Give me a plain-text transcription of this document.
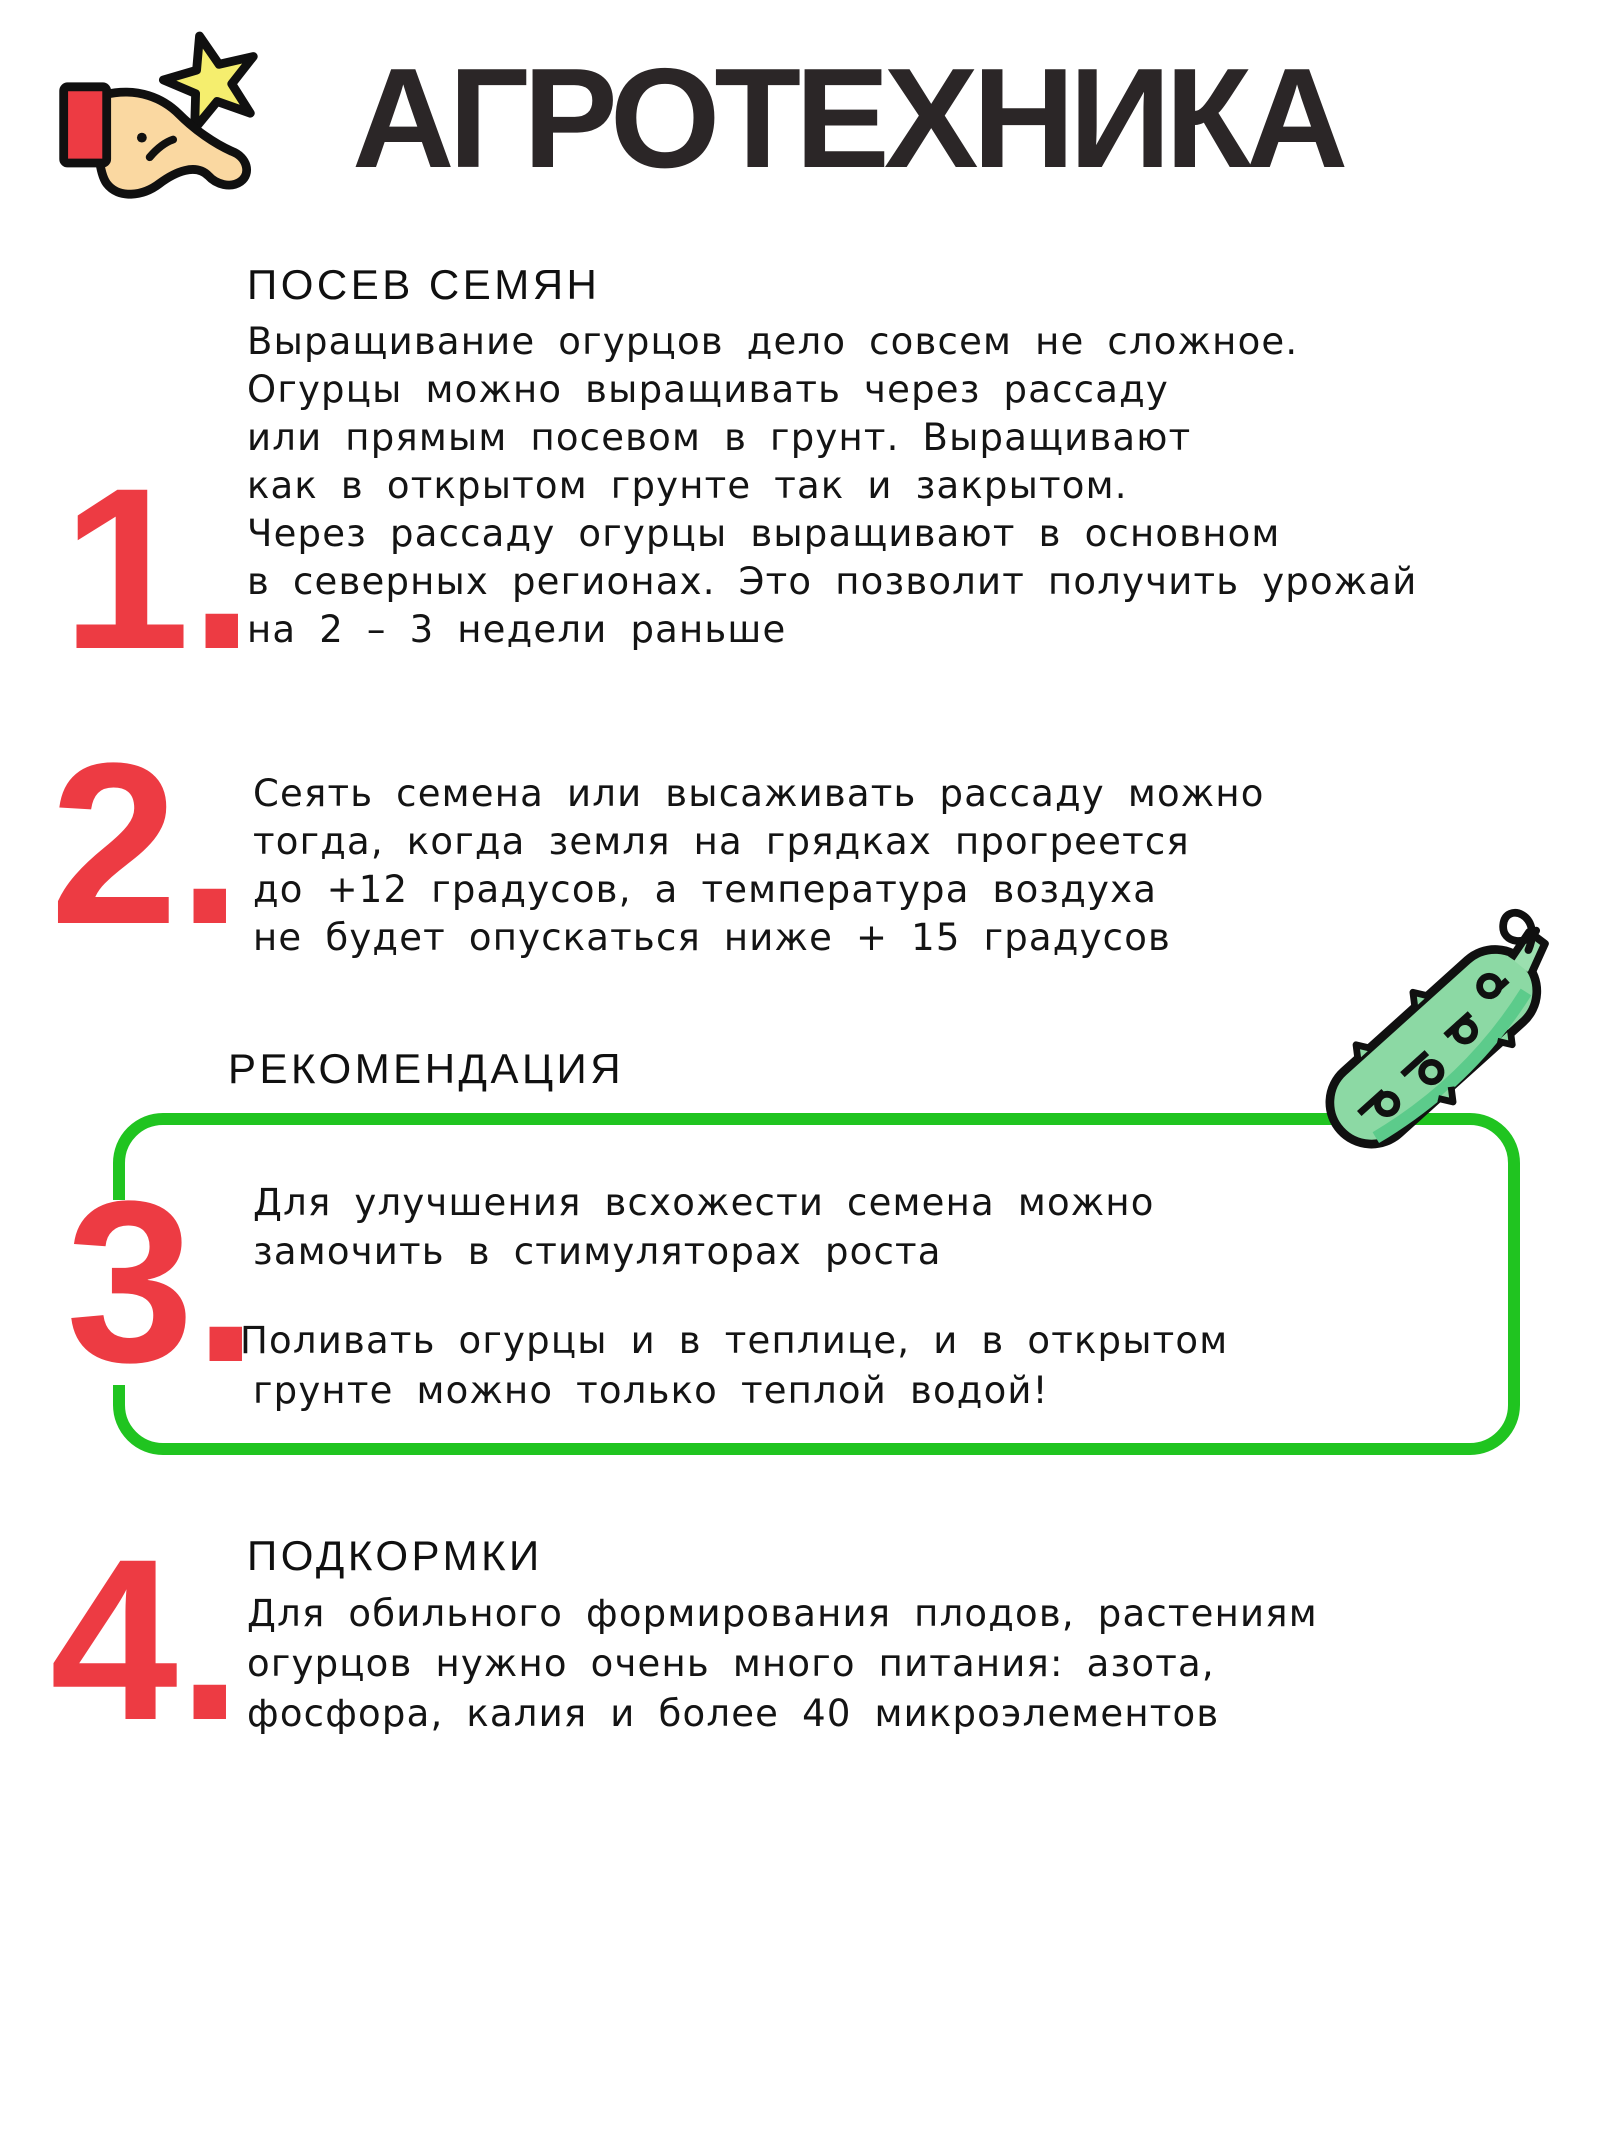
АГРОТЕХНИКА
ПОСЕВ СЕМЯН
1.
Выращивание огурцов дело совсем не сложное.
Огурцы можно выращивать через рассаду
или прямым посевом в грунт. Выращивают
как в открытом грунте так и закрытом.
Через рассаду огурцы выращивают в основном
в северных регионах. Это позволит получить урожай
на 2 – 3 недели раньше
2. Сеять семена или высаживать рассаду можно
тогда, когда земля на грядках прогреется
до +12 градусов, а температура воздуха
не будет опускаться ниже + 15 градусов
РЕКОМЕНДАЦИЯ
3.
Для улучшения всхожести семена можно
замочить в стимуляторах роста
Поливать огурцы и в теплице, и в открытом
грунте можно только теплой водой!
ПОДКОРМКИ
4. Для обильного формирования плодов, растениям
огурцов нужно очень много питания: азота,
фосфора, калия и более 40 микроэлементов
